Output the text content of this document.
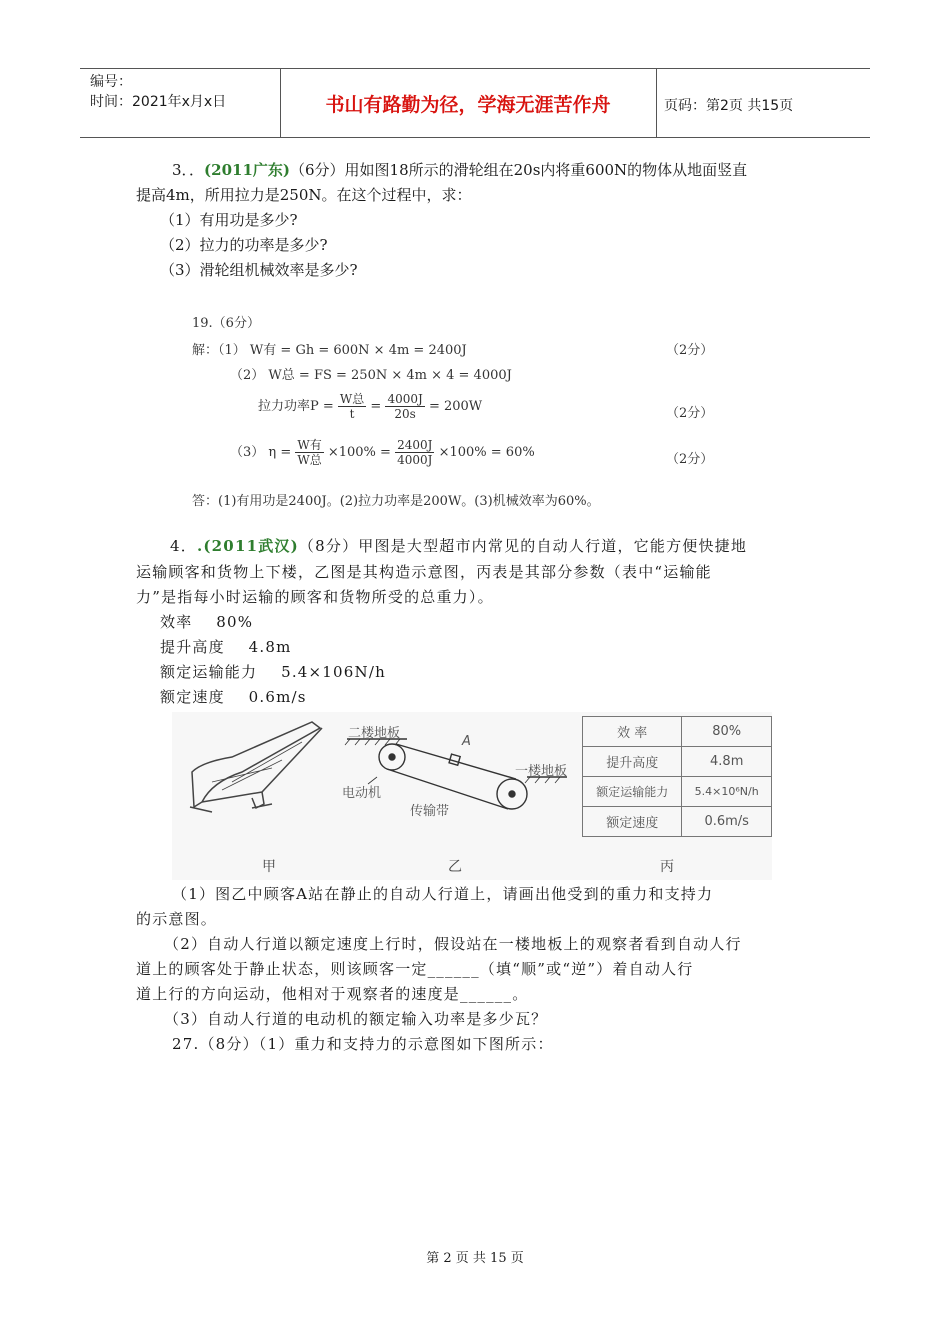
编号：
时间：2021年x月x日	书山有路勤为径，学海无涯苦作舟	页码：第2页 共15页
3．．(2011广东)（6分）用如图18所示的滑轮组在20s内将重600N的物体从地面竖直
提高4m，所用拉力是250N。在这个过程中，求：
（1）有用功是多少?
（2）拉力的功率是多少?
（3）滑轮组机械效率是多少?
19.（6分）
解：（1） W有 = Gh = 600N × 4m = 2400J	（2分）
（2） W总 = FS = 250N × 4m × 4 = 4000J
拉力功率$P = \frac{\text{W总}}{t} = \frac{4000J}{20s} = 200W$	（2分）
（3） $\eta = \frac{\text{W有}}{\text{W总}} \times 100\% = \frac{2400J}{4000J} \times 100\% = 60\%$	（2分）
答：(1)有用功是2400J。(2)拉力功率是200W。(3)机械效率为60%。
4．.(2011武汉)（8分）甲图是大型超市内常见的自动人行道，它能方便快捷地
运输顾客和货物上下楼，乙图是其构造示意图，丙表是其部分参数（表中“运输能
力”是指每小时运输的顾客和货物所受的总重力）。
效率    80%
提升高度    4.8m
额定运输能力    5.4×106N/h
额定速度    0.6m/s
二楼地板
A
一楼地板
电动机
传输带
效 率	80%
提升高度	4.8m
额定运输能力	5.4×10⁶N/h
额定速度	0.6m/s
甲	乙	丙
（1）图乙中顾客A站在静止的自动人行道上，请画出他受到的重力和支持力
的示意图。
（2）自动人行道以额定速度上行时，假设站在一楼地板上的观察者看到自动人行
道上的顾客处于静止状态，则该顾客一定______（填“顺”或“逆”）着自动人行
道上行的方向运动，他相对于观察者的速度是______。
（3）自动人行道的电动机的额定输入功率是多少瓦？
27.（8分）（1）重力和支持力的示意图如下图所示：
第 2 页 共 15 页
